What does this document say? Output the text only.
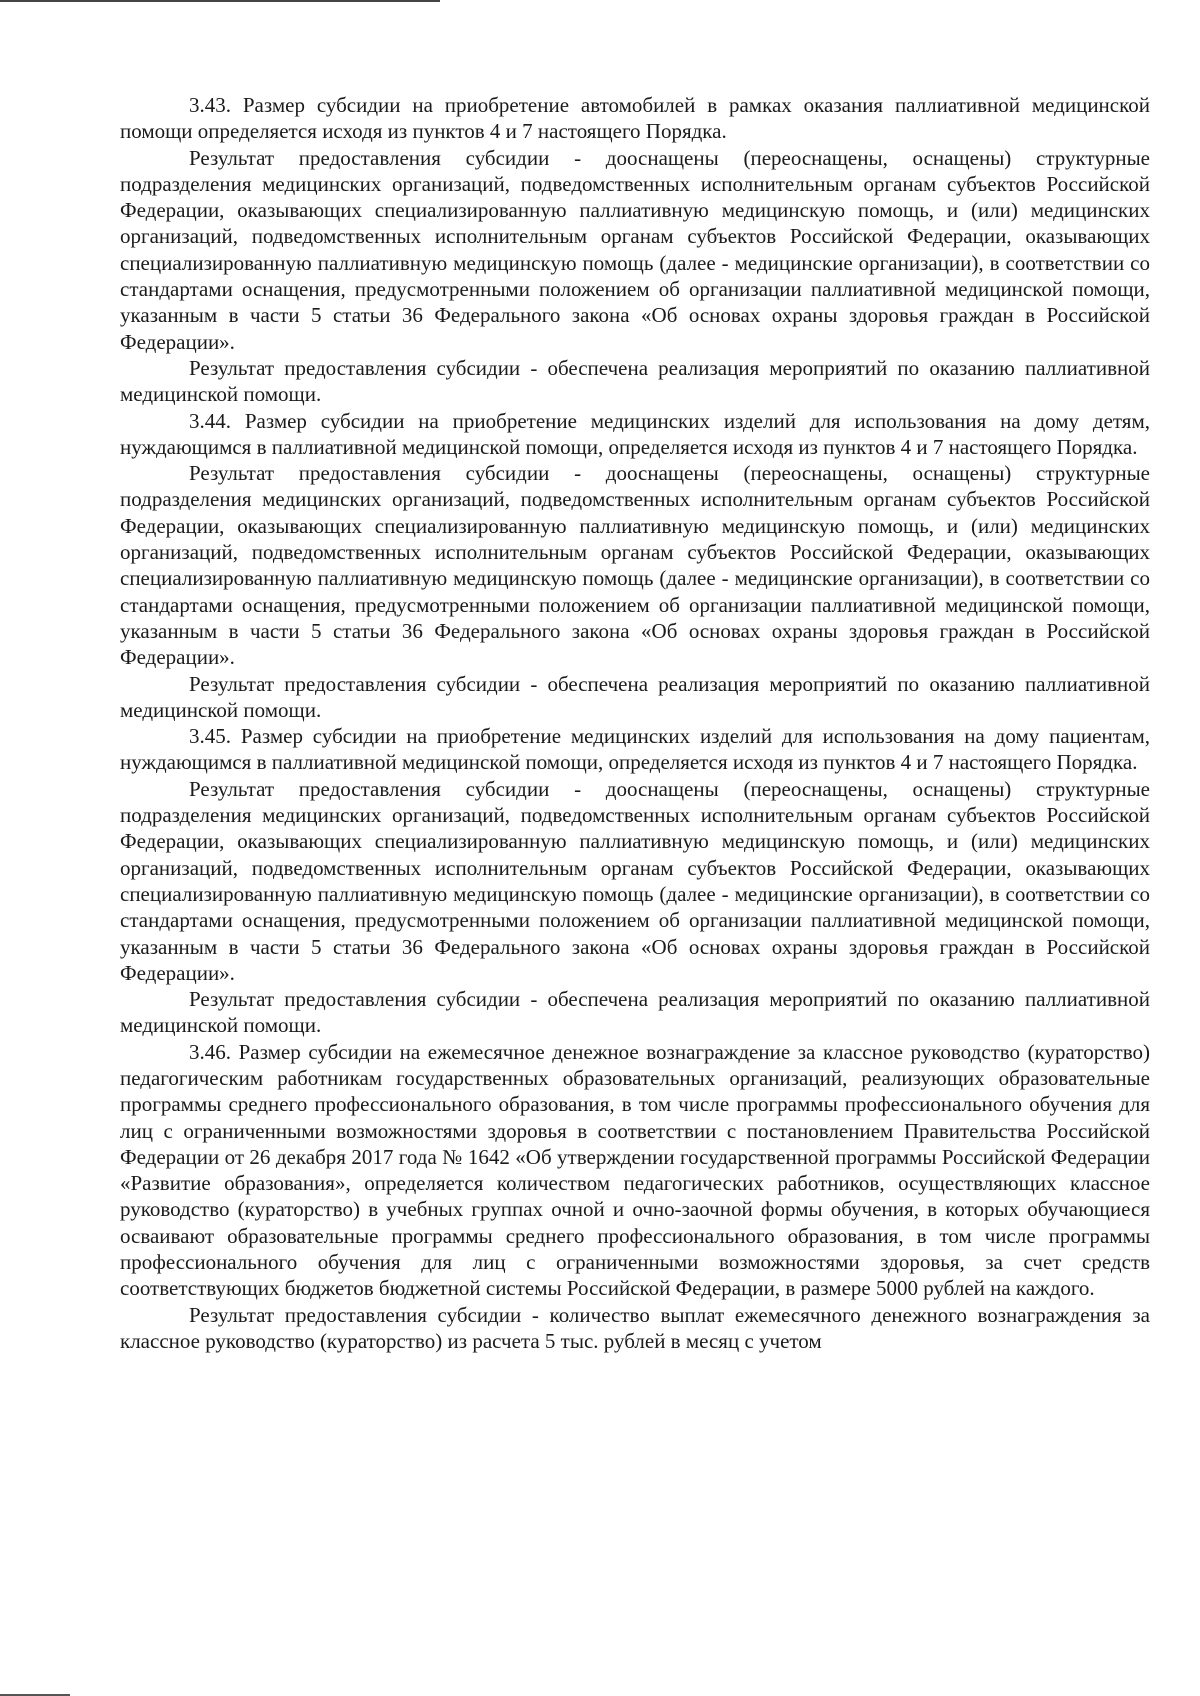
3.43. Размер субсидии на приобретение автомобилей в рамках оказания паллиативной медицинской помощи определяется исходя из пунктов 4 и 7 настоящего Порядка.

Результат предоставления субсидии - дооснащены (переоснащены, оснащены) структурные подразделения медицинских организаций, подведомственных исполнительным органам субъектов Российской Федерации, оказывающих специализированную паллиативную медицинскую помощь, и (или) медицинских организаций, подведомственных исполнительным органам субъектов Российской Федерации, оказывающих специализированную паллиативную медицинскую помощь (далее - медицинские организации), в соответствии со стандартами оснащения, предусмотренными положением об организации паллиативной медицинской помощи, указанным в части 5 статьи 36 Федерального закона «Об основах охраны здоровья граждан в Российской Федерации».

Результат предоставления субсидии - обеспечена реализация мероприятий по оказанию паллиативной медицинской помощи.

3.44. Размер субсидии на приобретение медицинских изделий для использования на дому детям, нуждающимся в паллиативной медицинской помощи, определяется исходя из пунктов 4 и 7 настоящего Порядка.

Результат предоставления субсидии - дооснащены (переоснащены, оснащены) структурные подразделения медицинских организаций, подведомственных исполнительным органам субъектов Российской Федерации, оказывающих специализированную паллиативную медицинскую помощь, и (или) медицинских организаций, подведомственных исполнительным органам субъектов Российской Федерации, оказывающих специализированную паллиативную медицинскую помощь (далее - медицинские организации), в соответствии со стандартами оснащения, предусмотренными положением об организации паллиативной медицинской помощи, указанным в части 5 статьи 36 Федерального закона «Об основах охраны здоровья граждан в Российской Федерации».

Результат предоставления субсидии - обеспечена реализация мероприятий по оказанию паллиативной медицинской помощи.

3.45. Размер субсидии на приобретение медицинских изделий для использования на дому пациентам, нуждающимся в паллиативной медицинской помощи, определяется исходя из пунктов 4 и 7 настоящего Порядка.

Результат предоставления субсидии - дооснащены (переоснащены, оснащены) структурные подразделения медицинских организаций, подведомственных исполнительным органам субъектов Российской Федерации, оказывающих специализированную паллиативную медицинскую помощь, и (или) медицинских организаций, подведомственных исполнительным органам субъектов Российской Федерации, оказывающих специализированную паллиативную медицинскую помощь (далее - медицинские организации), в соответствии со стандартами оснащения, предусмотренными положением об организации паллиативной медицинской помощи, указанным в части 5 статьи 36 Федерального закона «Об основах охраны здоровья граждан в Российской Федерации».

Результат предоставления субсидии - обеспечена реализация мероприятий по оказанию паллиативной медицинской помощи.

3.46. Размер субсидии на ежемесячное денежное вознаграждение за классное руководство (кураторство) педагогическим работникам государственных образовательных организаций, реализующих образовательные программы среднего профессионального образования, в том числе программы профессионального обучения для лиц с ограниченными возможностями здоровья в соответствии с постановлением Правительства Российской Федерации от 26 декабря 2017 года № 1642 «Об утверждении государственной программы Российской Федерации «Развитие образования», определяется количеством педагогических работников, осуществляющих классное руководство (кураторство) в учебных группах очной и очно-заочной формы обучения, в которых обучающиеся осваивают образовательные программы среднего профессионального образования, в том числе программы профессионального обучения для лиц с ограниченными возможностями здоровья, за счет средств соответствующих бюджетов бюджетной системы Российской Федерации, в размере 5000 рублей на каждого.

Результат предоставления субсидии - количество выплат ежемесячного денежного вознаграждения за классное руководство (кураторство) из расчета 5 тыс. рублей в месяц с учетом
